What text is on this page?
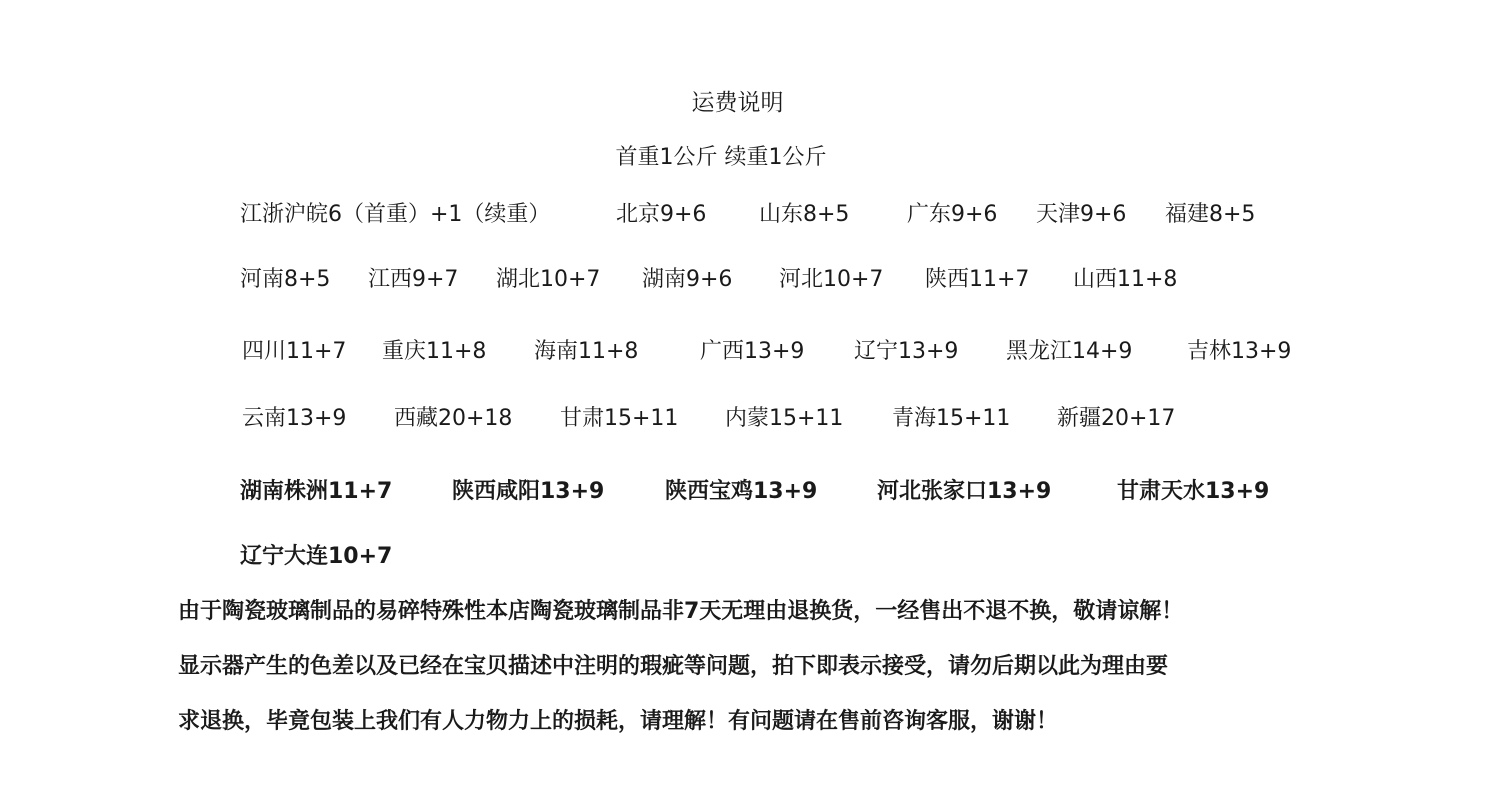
运费说明
首重1公斤 续重1公斤
江浙沪皖6（首重）+1（续重）	北京9+6 山东8+5	广东9+6 天津9+6 福建8+5
河南8+5 江西9+7 湖北10+7 湖南9+6 河北10+7 陕西11+7 山西11+8
四川11+7 重庆11+8 海南11+8	广西13+9 辽宁13+9 黑龙江14+9 吉林13+9
云南13+9 西藏20+18 甘肃15+11 内蒙15+11 青海15+11 新疆20+17
湖南株洲11+7	陕西咸阳13+9	陕西宝鸡13+9	河北张家口13+9	甘肃天水13+9
辽宁大连10+7
由于陶瓷玻璃制品的易碎特殊性本店陶瓷玻璃制品非7天无理由退换货，一经售出不退不换，敬请谅解！
显示器产生的色差以及已经在宝贝描述中注明的瑕疵等问题，拍下即表示接受，请勿后期以此为理由要
求退换，毕竟包装上我们有人力物力上的损耗，请理解！有问题请在售前咨询客服，谢谢！
